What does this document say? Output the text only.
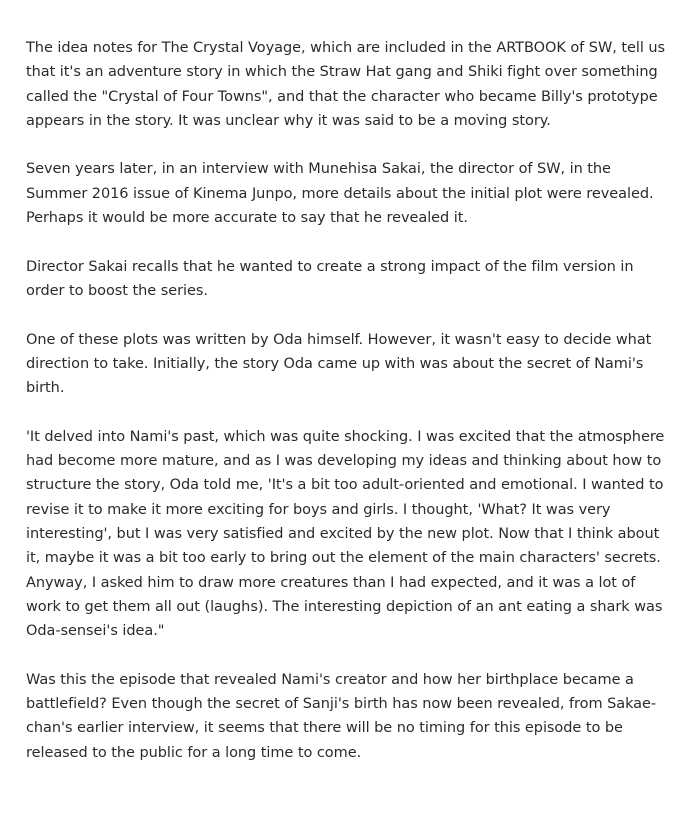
The idea notes for The Crystal Voyage, which are included in the ARTBOOK of SW, tell us that it's an adventure story in which the Straw Hat gang and Shiki fight over something called the "Crystal of Four Towns", and that the character who became Billy's prototype appears in the story. It was unclear why it was said to be a moving story.

Seven years later, in an interview with Munehisa Sakai, the director of SW, in the Summer 2016 issue of Kinema Junpo, more details about the initial plot were revealed. Perhaps it would be more accurate to say that he revealed it.

Director Sakai recalls that he wanted to create a strong impact of the film version in order to boost the series.

One of these plots was written by Oda himself. However, it wasn't easy to decide what direction to take. Initially, the story Oda came up with was about the secret of Nami's birth.

'It delved into Nami's past, which was quite shocking. I was excited that the atmosphere had become more mature, and as I was developing my ideas and thinking about how to structure the story, Oda told me, 'It's a bit too adult-oriented and emotional. I wanted to revise it to make it more exciting for boys and girls. I thought, 'What? It was very interesting', but I was very satisfied and excited by the new plot. Now that I think about it, maybe it was a bit too early to bring out the element of the main characters' secrets. Anyway, I asked him to draw more creatures than I had expected, and it was a lot of work to get them all out (laughs). The interesting depiction of an ant eating a shark was Oda-sensei's idea."

Was this the episode that revealed Nami's creator and how her birthplace became a battlefield? Even though the secret of Sanji's birth has now been revealed, from Sakae-chan's earlier interview, it seems that there will be no timing for this episode to be released to the public for a long time to come.
